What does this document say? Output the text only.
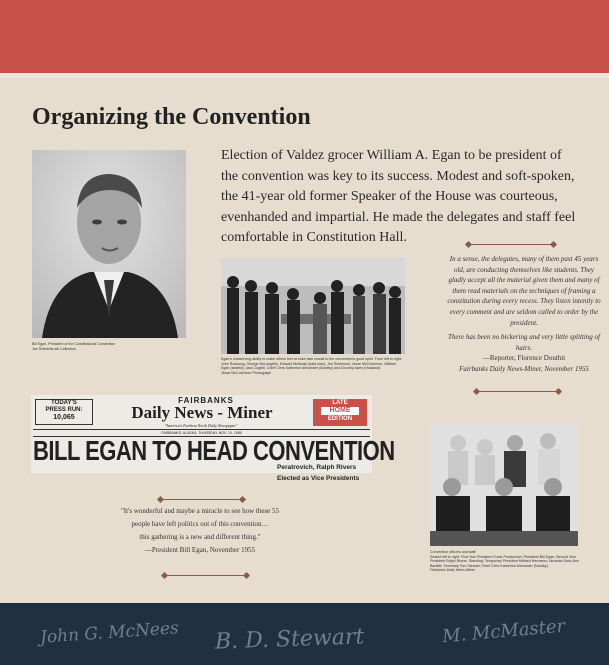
Organizing the Convention
Bill Egan, President of the Constitutional Convention
Joe Rothenbruck Collection

Election of Valdez grocer William A. Egan to be president of the convention was key to its success. Modest and soft-spoken, the 41-year old former Speaker of the House was courteous, evenhanded and impartial. He made the delegates and staff feel comfortable in Constitution Hall.

Egan's unswerving ability to make others feel at ease was crucial to the convention's good spirit. From left to right: John Rosswog, George McLaughlin, Edward McNealy (bald man), Joe Redmond, Jesse McCutcheon, William Egan (seated), Jack Coghill, Chief Clerk Katherine Alexander (Nordby) and Dorothy Awes (Haaland).
Jesse McCutcheon Photograph
In a sense, the delegates, many of them past 45 years old, are conducting themselves like students. They gladly accept all the material given them and many of them read materials on the techniques of framing a constitution during every recess. They listen intently to every comment and are seldom called to order by the president.
There has been no bickering and very little splitting of hairs.
—Reporter, Florence Douthit
Fairbanks Daily News-Miner, November 1955
TODAY'S
PRESS RUN:
10,065
FAIRBANKS
Daily News - Miner
"America's Farthest North Daily Newspaper"
LATE
HOME
EDITION
FAIRBANKS, ALASKA, THURSDAY, NOV. 10, 1955
BILL EGAN TO HEAD CONVENTION
Peratrovich, Ralph Rivers
Elected as Vice Presidents
"It's wonderful and maybe a miracle to see how these 55
people have left politics out of this convention…
this gathering is a new and different thing."
—President Bill Egan, November 1955	Convention officers and staff.
Seated left to right: First Vice President Frank Peratrovich; President Bill Egan; Second Vice President Ralph Rivers. Standing: Temporary President Mildred Hermann; Librarian Doris Ann Bartlett; Secretary Tom Stewart; Chief Clerk Katherine Alexander (Nordby).
Fairbanks Daily News-Miner
John G. McNees B. D. Stewart	M. McMaster
